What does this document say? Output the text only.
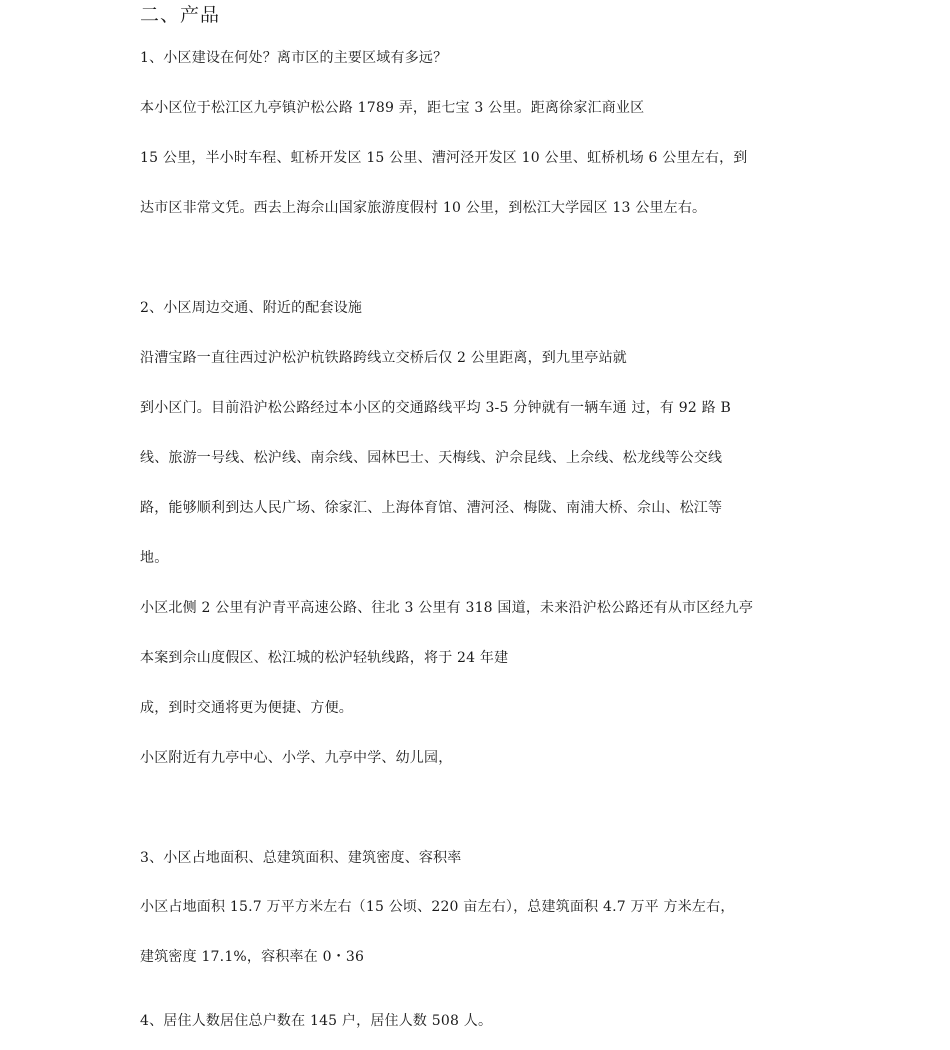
二、产品
1、小区建设在何处？离市区的主要区域有多远？
本小区位于松江区九亭镇沪松公路 1789 弄，距七宝 3 公里。距离徐家汇商业区
15 公里，半小时车程、虹桥开发区 15 公里、漕河泾开发区 10 公里、虹桥机场 6 公里左右，到
达市区非常文凭。西去上海佘山国家旅游度假村 10 公里，到松江大学园区 13 公里左右。
2、小区周边交通、附近的配套设施
沿漕宝路一直往西过沪松沪杭铁路跨线立交桥后仅 2 公里距离，到九里亭站就
到小区门。目前沿沪松公路经过本小区的交通路线平均 3-5 分钟就有一辆车通 过，有 92 路 B
线、旅游一号线、松沪线、南佘线、园林巴士、天梅线、沪佘昆线、上佘线、松龙线等公交线
路，能够顺利到达人民广场、徐家汇、上海体育馆、漕河泾、梅陇、南浦大桥、佘山、松江等
地。
小区北侧 2 公里有沪青平高速公路、往北 3 公里有 318 国道，未来沿沪松公路还有从市区经九亭
本案到佘山度假区、松江城的松沪轻轨线路，将于 24 年建
成，到时交通将更为便捷、方便。
小区附近有九亭中心、小学、九亭中学、幼儿园，
3、小区占地面积、总建筑面积、建筑密度、容积率
小区占地面积 15.7 万平方米左右（15 公顷、220 亩左右），总建筑面积 4.7 万平 方米左右，
建筑密度 17.1%，容积率在 0・36
4、居住人数居住总户数在 145 户，居住人数 508 人。
